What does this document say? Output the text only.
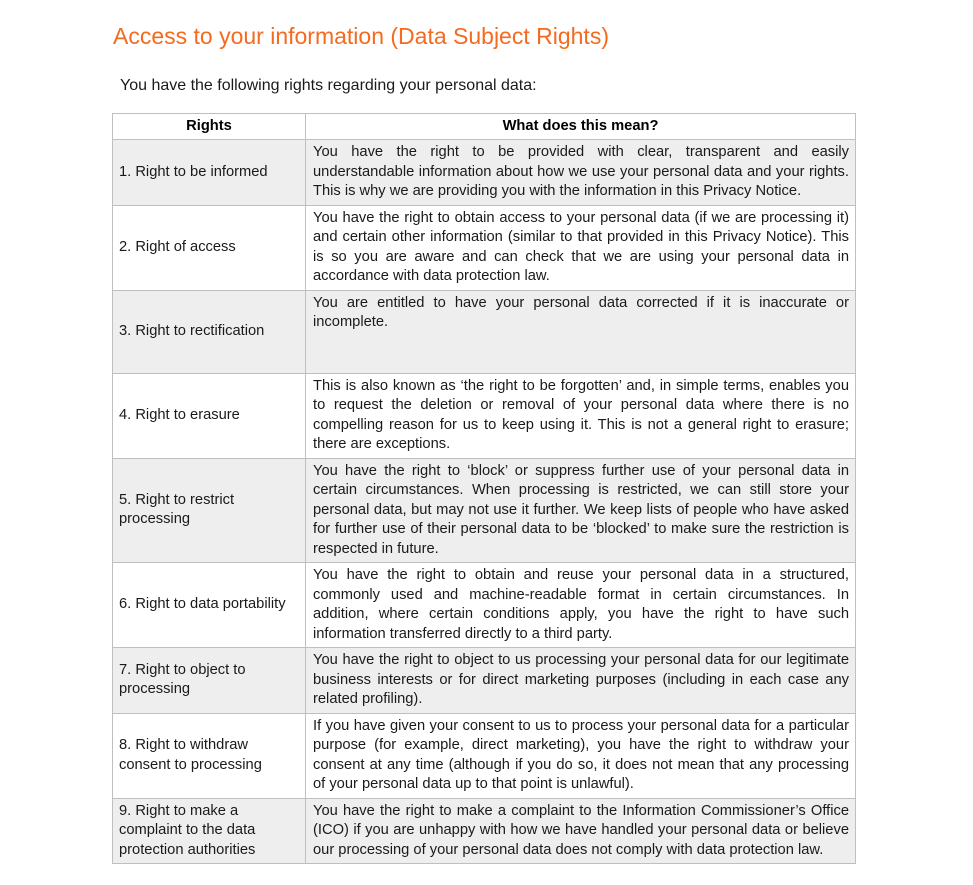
Access to your information (Data Subject Rights)

You have the following rights regarding your personal data:

Rights	What does this mean?
1. Right to be informed	You have the right to be provided with clear, transparent and easily understandable information about how we use your personal data and your rights. This is why we are providing you with the information in this Privacy Notice.
2. Right of access	You have the right to obtain access to your personal data (if we are processing it) and certain other information (similar to that provided in this Privacy Notice). This is so you are aware and can check that we are using your personal data in accordance with data protection law.
3. Right to rectification	You are entitled to have your personal data corrected if it is inaccurate or incomplete.
4. Right to erasure	This is also known as ‘the right to be forgotten’ and, in simple terms, enables you to request the deletion or removal of your personal data where there is no compelling reason for us to keep using it. This is not a general right to erasure; there are exceptions.
5. Right to restrict processing	You have the right to ‘block’ or suppress further use of your personal data in certain circumstances. When processing is restricted, we can still store your personal data, but may not use it further. We keep lists of people who have asked for further use of their personal data to be ‘blocked’ to make sure the restriction is respected in future.
6. Right to data portability	You have the right to obtain and reuse your personal data in a structured, commonly used and machine-readable format in certain circumstances. In addition, where certain conditions apply, you have the right to have such information transferred directly to a third party.
7. Right to object to processing	You have the right to object to us processing your personal data for our legitimate business interests or for direct marketing purposes (including in each case any related profiling).
8. Right to withdraw consent to processing	If you have given your consent to us to process your personal data for a particular purpose (for example, direct marketing), you have the right to withdraw your consent at any time (although if you do so, it does not mean that any processing of your personal data up to that point is unlawful).
9. Right to make a complaint to the data protection authorities	You have the right to make a complaint to the Information Commissioner’s Office (ICO) if you are unhappy with how we have handled your personal data or believe our processing of your personal data does not comply with data protection law.
